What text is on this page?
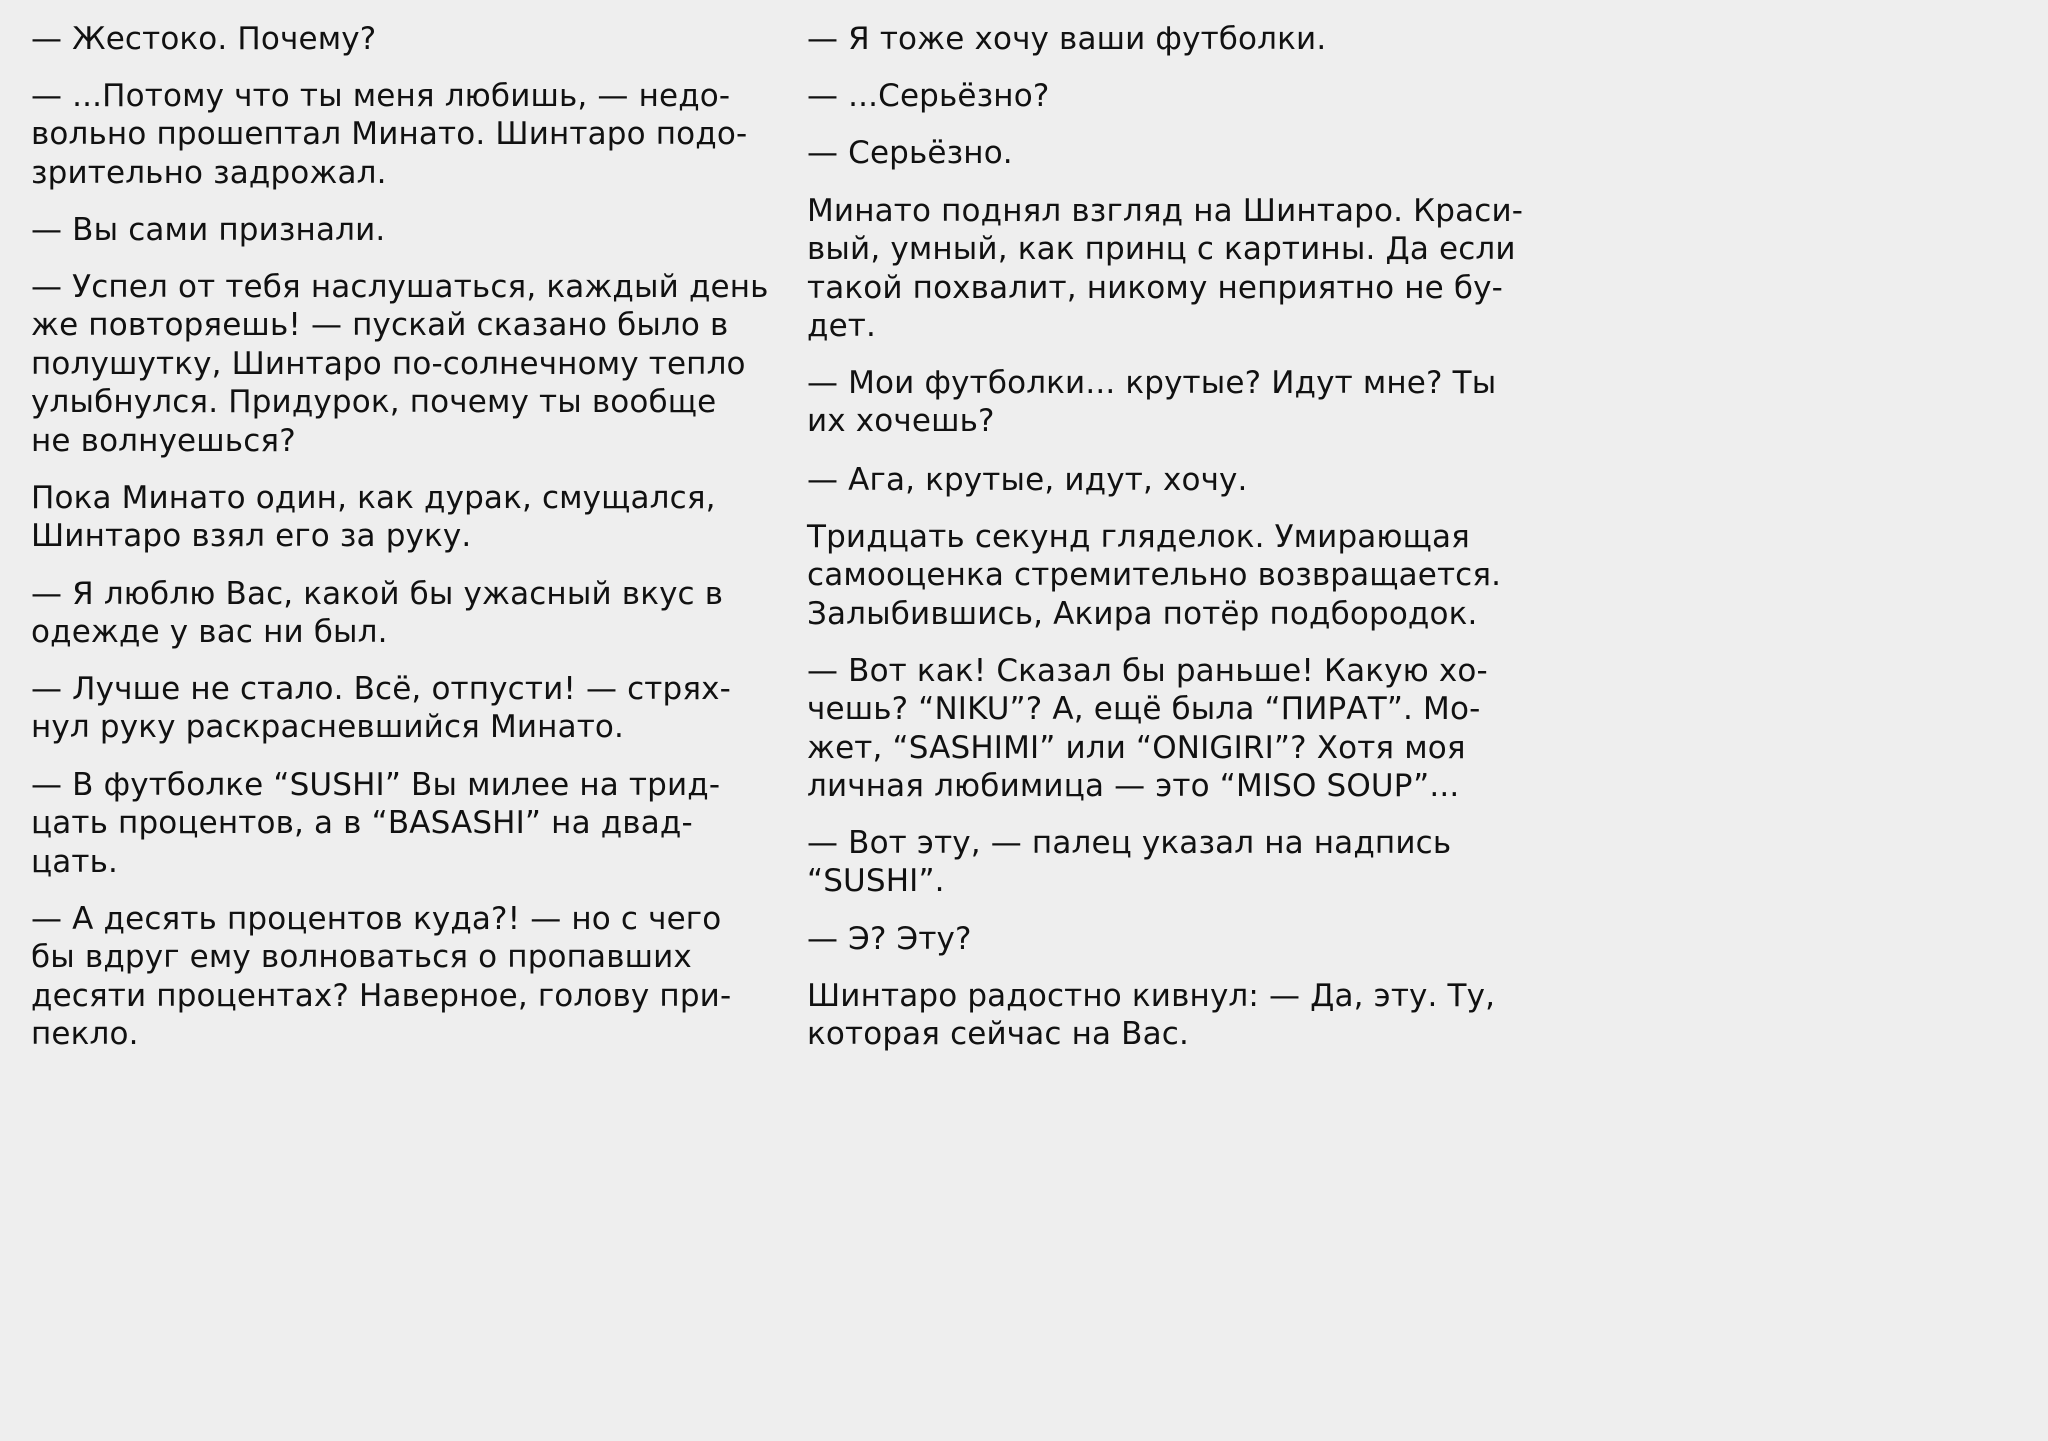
— Жестоко. Почему?

— ...Потому что ты меня любишь, — недо-
вольно прошептал Минато. Шинтаро подо-
зрительно задрожал.

— Вы сами признали.

— Успел от тебя наслушаться, каждый день
же повторяешь! — пускай сказано было в
полушутку, Шинтаро по-солнечному тепло
улыбнулся. Придурок, почему ты вообще
не волнуешься?

Пока Минато один, как дурак, смущался,
Шинтаро взял его за руку.

— Я люблю Вас, какой бы ужасный вкус в
одежде у вас ни был.

— Лучше не стало. Всё, отпусти! — стрях-
нул руку раскрасневшийся Минато.

— В футболке “SUSHI” Вы милее на трид-
цать процентов, а в “BASASHI” на двад-
цать.

— А десять процентов куда?! — но с чего
бы вдруг ему волноваться о пропавших
десяти процентах? Наверное, голову при-
пекло.

— Я тоже хочу ваши футболки.

— ...Серьёзно?

— Серьёзно.

Минато поднял взгляд на Шинтаро. Краси-
вый, умный, как принц с картины. Да если
такой похвалит, никому неприятно не бу-
дет.

— Мои футболки... крутые? Идут мне? Ты
их хочешь?

— Ага, крутые, идут, хочу.

Тридцать секунд гляделок. Умирающая
самооценка стремительно возвращается.
Залыбившись, Акира потёр подбородок.

— Вот как! Сказал бы раньше! Какую хо-
чешь? “NIKU”? А, ещё была “ПИРАТ”. Мо-
жет, “SASHIMI” или “ONIGIRI”? Хотя моя
личная любимица — это “MISO SOUP”...

— Вот эту, — палец указал на надпись
“SUSHI”.

— Э? Эту?

Шинтаро радостно кивнул: — Да, эту. Ту,
которая сейчас на Вас.
